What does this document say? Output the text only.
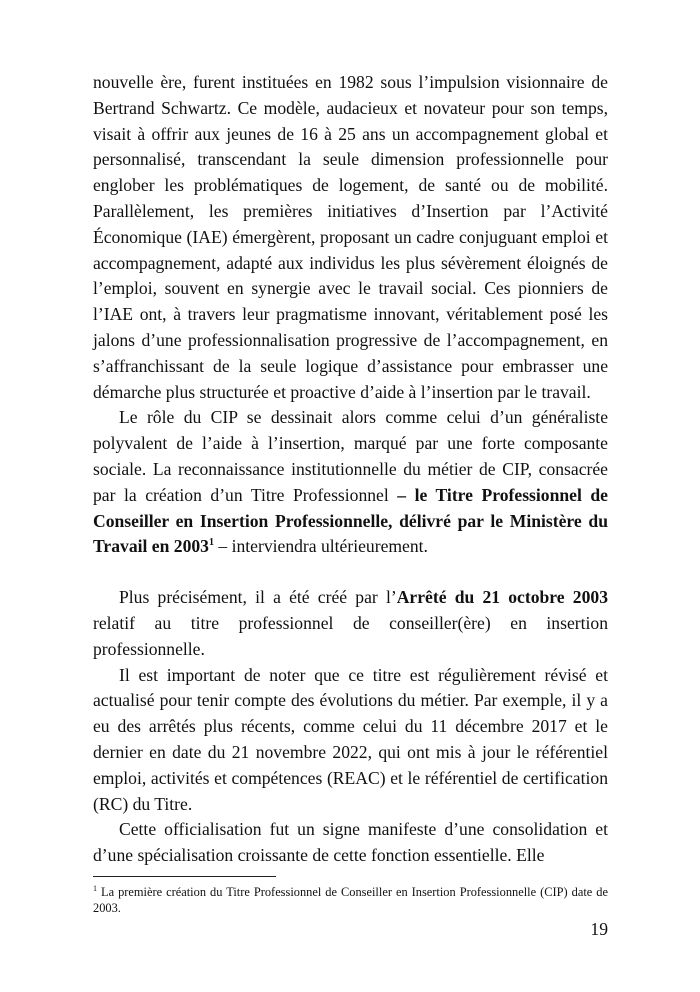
nouvelle ère, furent instituées en 1982 sous l’impulsion visionnaire de Bertrand Schwartz. Ce modèle, audacieux et novateur pour son temps, visait à offrir aux jeunes de 16 à 25 ans un accompagnement global et personnalisé, transcendant la seule dimension professionnelle pour englober les problématiques de logement, de santé ou de mobilité. Parallèlement, les premières initiatives d’Insertion par l’Activité Économique (IAE) émergèrent, proposant un cadre conjuguant emploi et accompagnement, adapté aux individus les plus sévèrement éloignés de l’emploi, souvent en synergie avec le travail social. Ces pionniers de l’IAE ont, à travers leur pragmatisme innovant, véritablement posé les jalons d’une professionnalisation progressive de l’accompagnement, en s’affranchissant de la seule logique d’assistance pour embrasser une démarche plus structurée et proactive d’aide à l’insertion par le travail.

Le rôle du CIP se dessinait alors comme celui d’un généraliste polyvalent de l’aide à l’insertion, marqué par une forte composante sociale. La reconnaissance institutionnelle du métier de CIP, consacrée par la création d’un Titre Professionnel – le Titre Professionnel de Conseiller en Insertion Professionnelle, délivré par le Ministère du Travail en 2003$^1$ – interviendra ultérieurement.

Plus précisément, il a été créé par l’Arrêté du 21 octobre 2003 relatif au titre professionnel de conseiller(ère) en insertion professionnelle.

Il est important de noter que ce titre est régulièrement révisé et actualisé pour tenir compte des évolutions du métier. Par exemple, il y a eu des arrêtés plus récents, comme celui du 11 décembre 2017 et le dernier en date du 21 novembre 2022, qui ont mis à jour le référentiel emploi, activités et compétences (REAC) et le référentiel de certification (RC) du Titre.

Cette officialisation fut un signe manifeste d’une consolidation et d’une spécialisation croissante de cette fonction essentielle. Elle

$^1$ La première création du Titre Professionnel de Conseiller en Insertion Professionnelle (CIP) date de 2003.

19
